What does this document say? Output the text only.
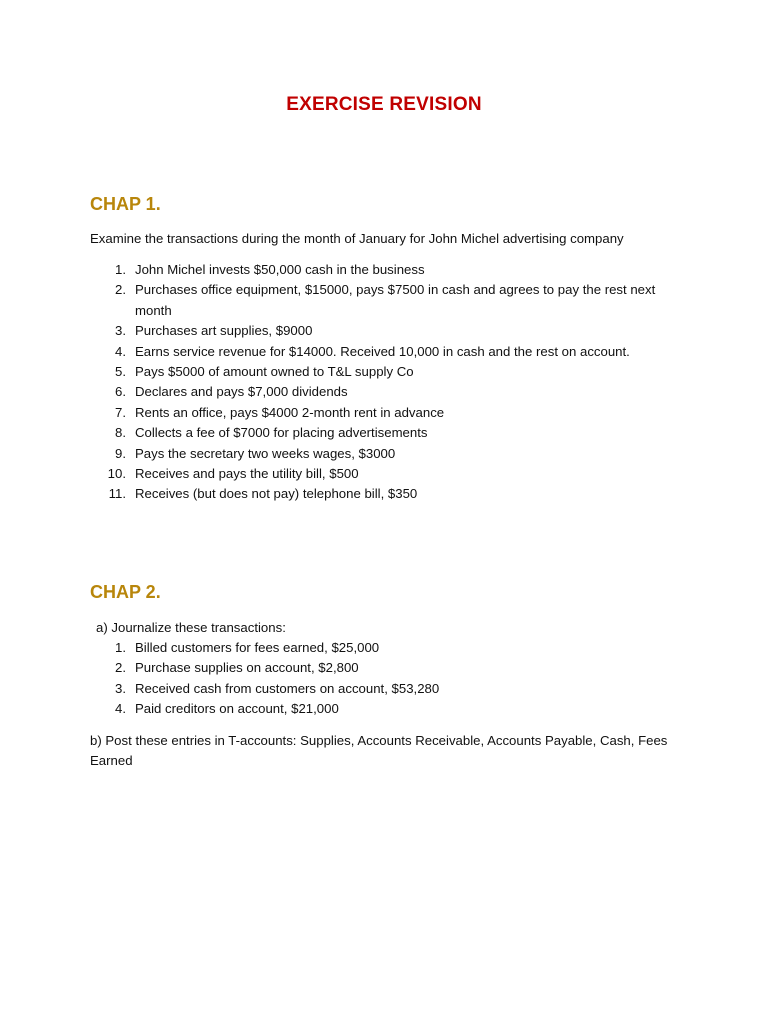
EXERCISE REVISION
CHAP 1.
Examine the transactions during the month of January for John Michel advertising company
1. John Michel invests $50,000 cash in the business
2. Purchases office equipment, $15000, pays $7500 in cash and agrees to pay the rest next month
3. Purchases art supplies, $9000
4. Earns service revenue for $14000. Received 10,000 in cash and the rest on account.
5. Pays $5000 of amount owned to T&L supply Co
6. Declares and pays $7,000 dividends
7. Rents an office, pays $4000 2-month rent in advance
8. Collects a fee of $7000 for placing advertisements
9. Pays the secretary two weeks wages, $3000
10. Receives and pays the utility bill, $500
11. Receives (but does not pay) telephone bill, $350
CHAP 2.
a) Journalize these transactions:
1. Billed customers for fees earned, $25,000
2. Purchase supplies on account, $2,800
3. Received cash from customers on account, $53,280
4. Paid creditors on account, $21,000
b) Post these entries in T-accounts: Supplies, Accounts Receivable, Accounts Payable, Cash, Fees Earned
